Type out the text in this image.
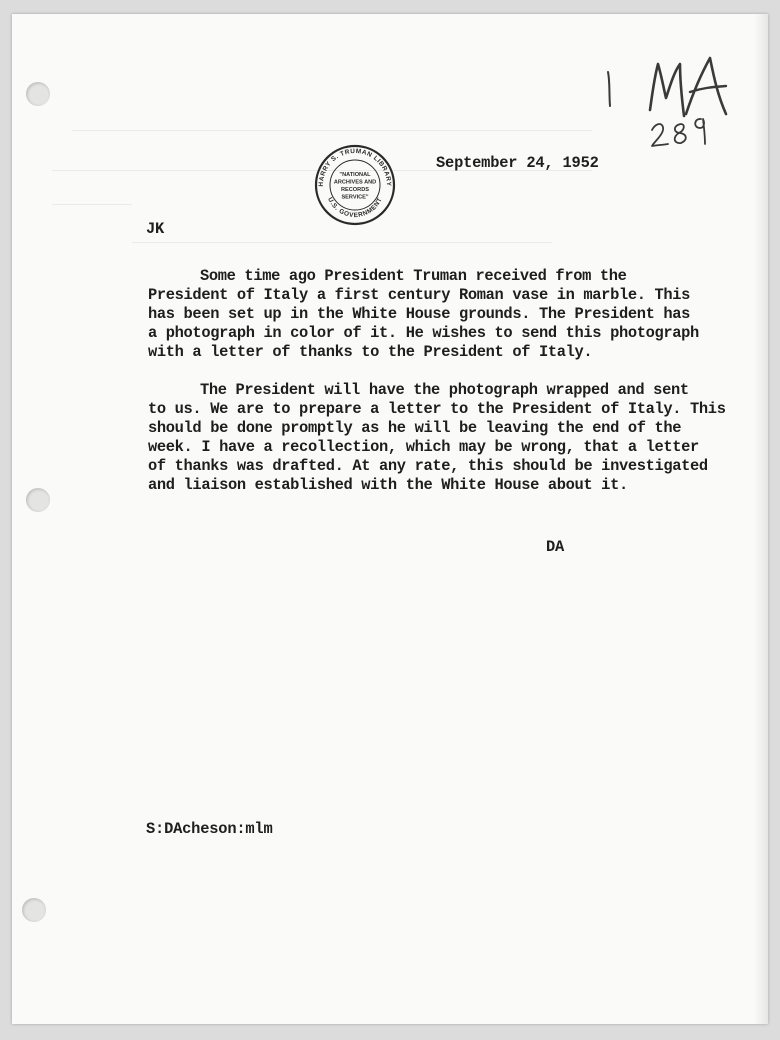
HARRY S. TRUMAN LIBRARY
U.S. GOVERNMENT
"NATIONAL
ARCHIVES AND
RECORDS
SERVICE"
September 24, 1952
JK
Some time ago President Truman received from the
President of Italy a first century Roman vase in marble. This
has been set up in the White House grounds. The President has
a photograph in color of it. He wishes to send this photograph
with a letter of thanks to the President of Italy.
The President will have the photograph wrapped and sent
to us. We are to prepare a letter to the President of Italy. This
should be done promptly as he will be leaving the end of the
week. I have a recollection, which may be wrong, that a letter
of thanks was drafted. At any rate, this should be investigated
and liaison established with the White House about it.
DA
S:DAcheson:mlm
